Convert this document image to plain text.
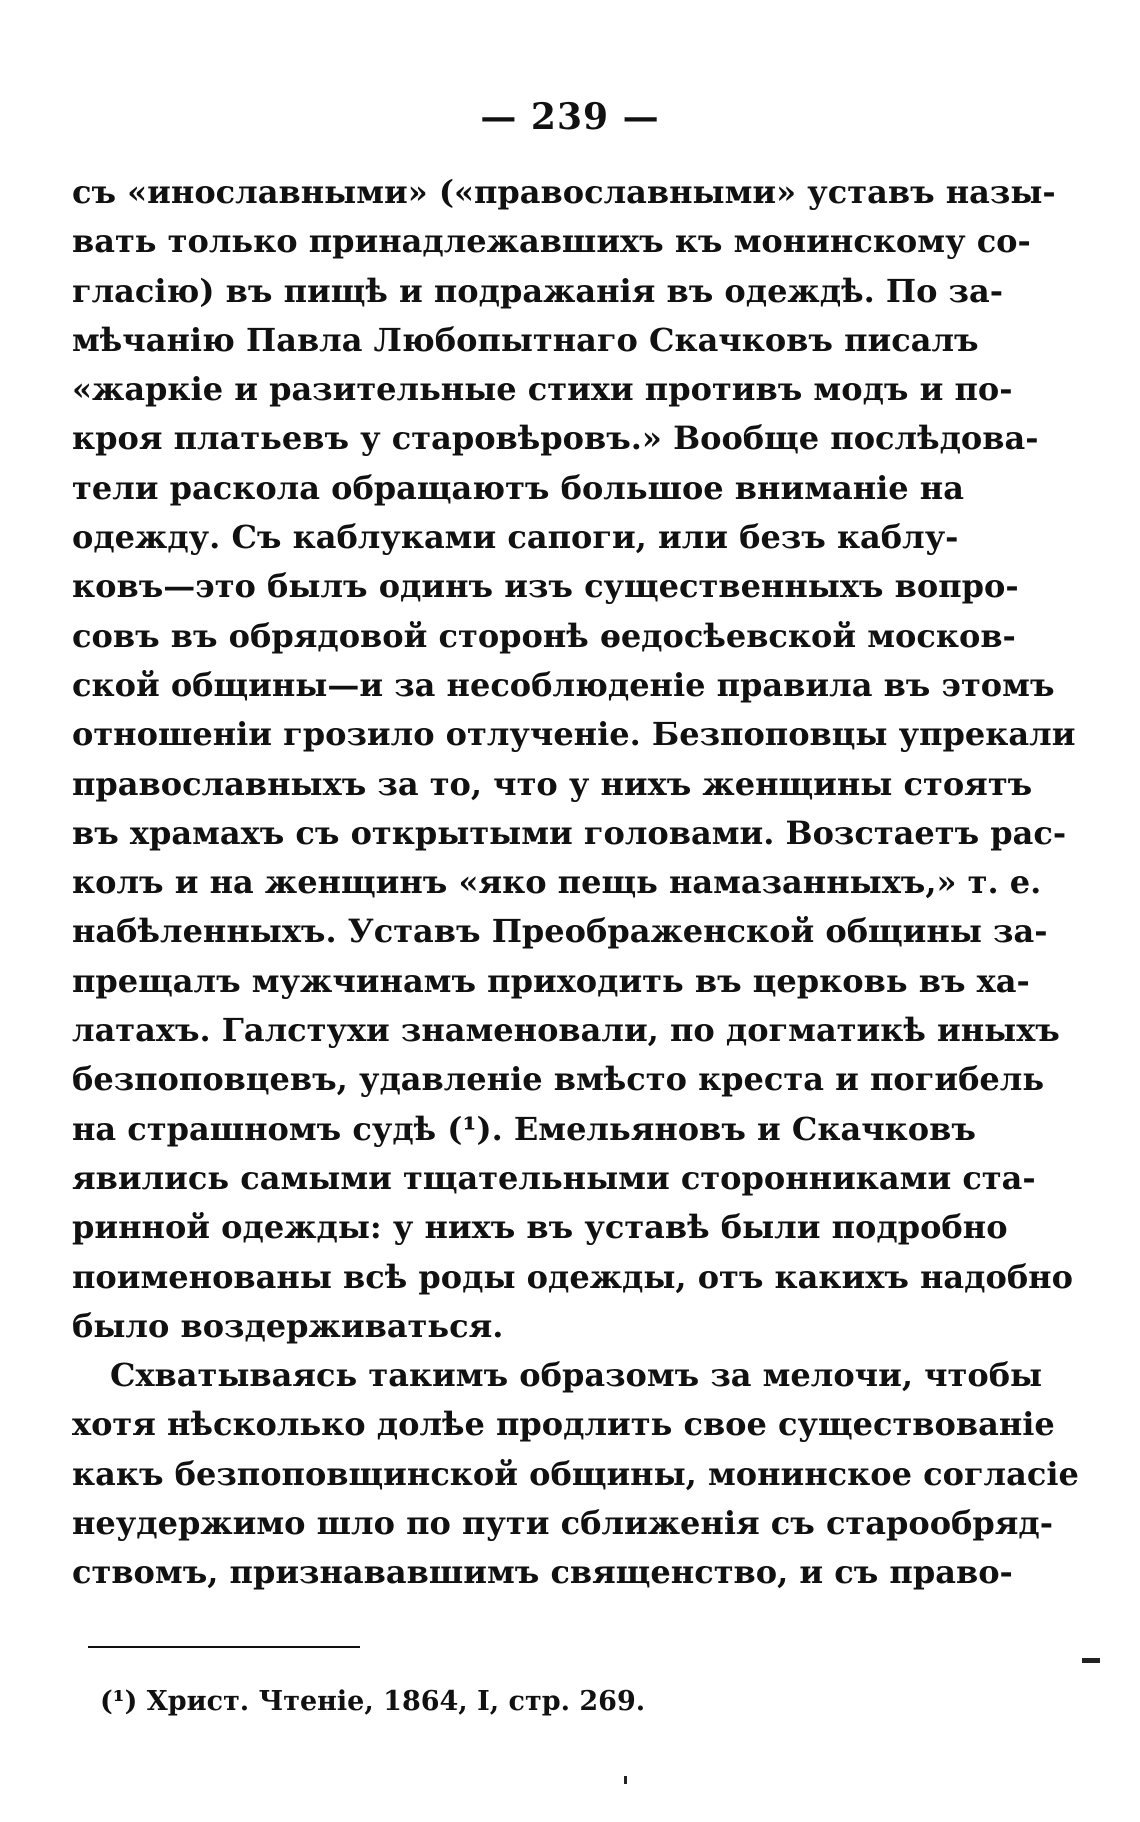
— 239 —
съ «инославными» («православными» уставъ назы-
вать только принадлежавшихъ къ монинскому со-
гласію) въ пищѣ и подражанія въ одеждѣ. По за-
мѣчанію Павла Любопытнаго Скачковъ писалъ
«жаркіе и разительные стихи противъ модъ и по-
кроя платьевъ у старовѣровъ.» Вообще послѣдова-
тели раскола обращаютъ большое вниманіе на
одежду. Съ каблуками сапоги, или безъ каблу-
ковъ—это былъ одинъ изъ существенныхъ вопро-
совъ въ обрядовой сторонѣ ѳедосѣевской москов-
ской общины—и за несоблюденіе правила въ этомъ
отношеніи грозило отлученіе. Безпоповцы упрекали
православныхъ за то, что у нихъ женщины стоятъ
въ храмахъ съ открытыми головами. Возстаетъ рас-
колъ и на женщинъ «яко пещь намазанныхъ,» т. е.
набѣленныхъ. Уставъ Преображенской общины за-
прещалъ мужчинамъ приходить въ церковь въ ха-
латахъ. Галстухи знаменовали, по догматикѣ иныхъ
безпоповцевъ, удавленіе вмѣсто креста и погибель
на страшномъ судѣ (¹). Емельяновъ и Скачковъ
явились самыми тщательными сторонниками ста-
ринной одежды: у нихъ въ уставѣ были подробно
поименованы всѣ роды одежды, отъ какихъ надобно
было воздерживаться.
Схватываясь такимъ образомъ за мелочи, чтобы
хотя нѣсколько долѣе продлить свое существованіе
какъ безпоповщинской общины, монинское согласіе
неудержимо шло по пути сближенія съ старообряд-
ствомъ, признававшимъ священство, и съ право-
(¹) Христ. Чтеніе, 1864, I, стр. 269.
